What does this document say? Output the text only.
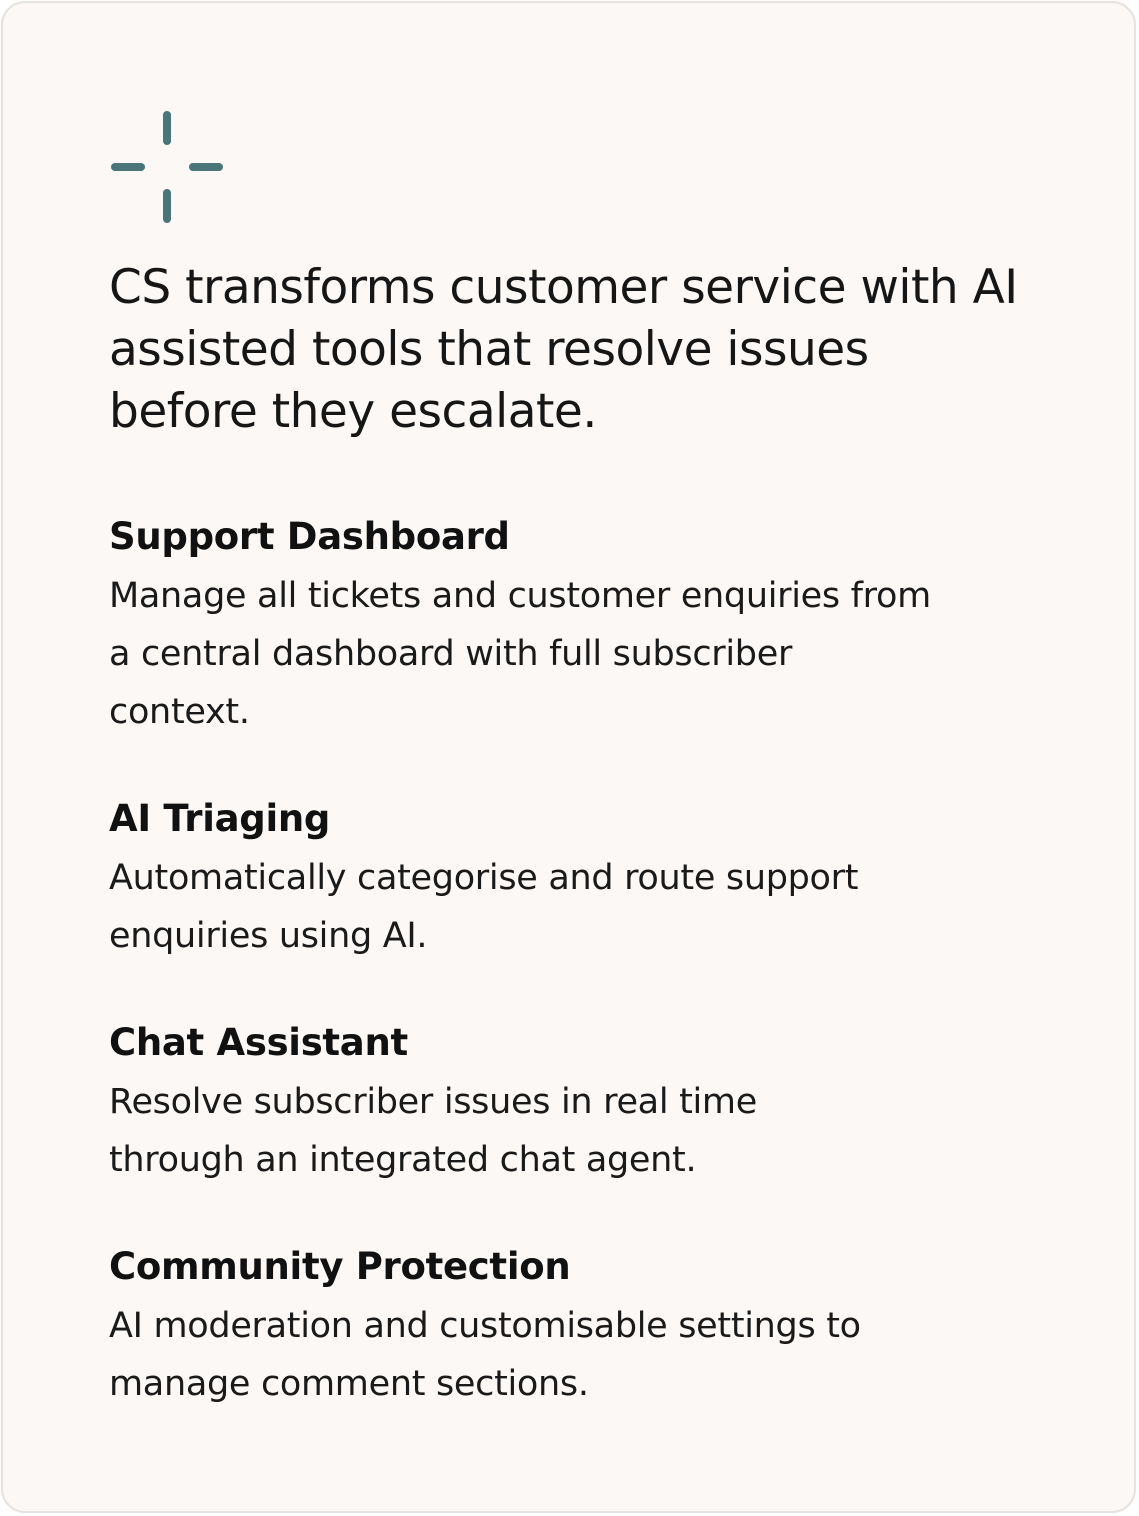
CS transforms customer service with AI assisted tools that resolve issues before they escalate.

Support Dashboard

Manage all tickets and customer enquiries from a central dashboard with full subscriber context.

AI Triaging

Automatically categorise and route support enquiries using AI.

Chat Assistant

Resolve subscriber issues in real time through an integrated chat agent.

Community Protection

AI moderation and customisable settings to manage comment sections.
